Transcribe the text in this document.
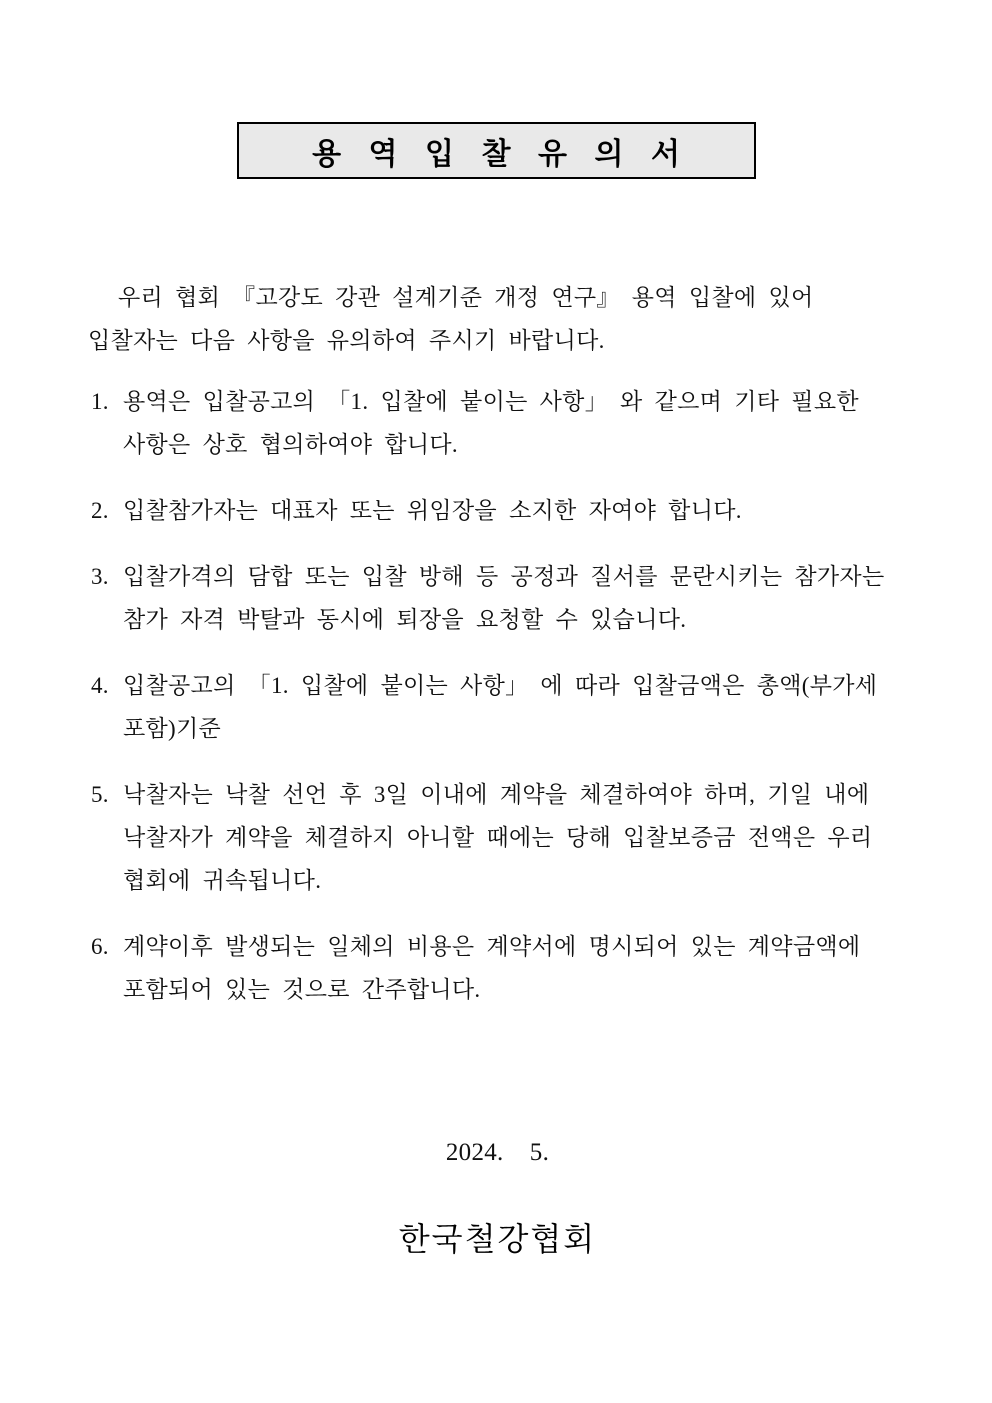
용 역 입 찰 유 의 서

우리 협회 『고강도 강관 설계기준 개정 연구』 용역 입찰에 있어 입찰자는 다음 사항을 유의하여 주시기 바랍니다.

1. 용역은 입찰공고의 「1. 입찰에 붙이는 사항」 와 같으며 기타 필요한 사항은 상호 협의하여야 합니다.
2. 입찰참가자는 대표자 또는 위임장을 소지한 자여야 합니다.
3. 입찰가격의 담합 또는 입찰 방해 등 공정과 질서를 문란시키는 참가자는 참가 자격 박탈과 동시에 퇴장을 요청할 수 있습니다.
4. 입찰공고의 「1. 입찰에 붙이는 사항」 에 따라 입찰금액은 총액(부가세 포함)기준
5. 낙찰자는 낙찰 선언 후 3일 이내에 계약을 체결하여야 하며, 기일 내에 낙찰자가 계약을 체결하지 아니할 때에는 당해 입찰보증금 전액은 우리 협회에 귀속됩니다.
6. 계약이후 발생되는 일체의 비용은 계약서에 명시되어 있는 계약금액에 포함되어 있는 것으로 간주합니다.

2024.    5.

한국철강협회
